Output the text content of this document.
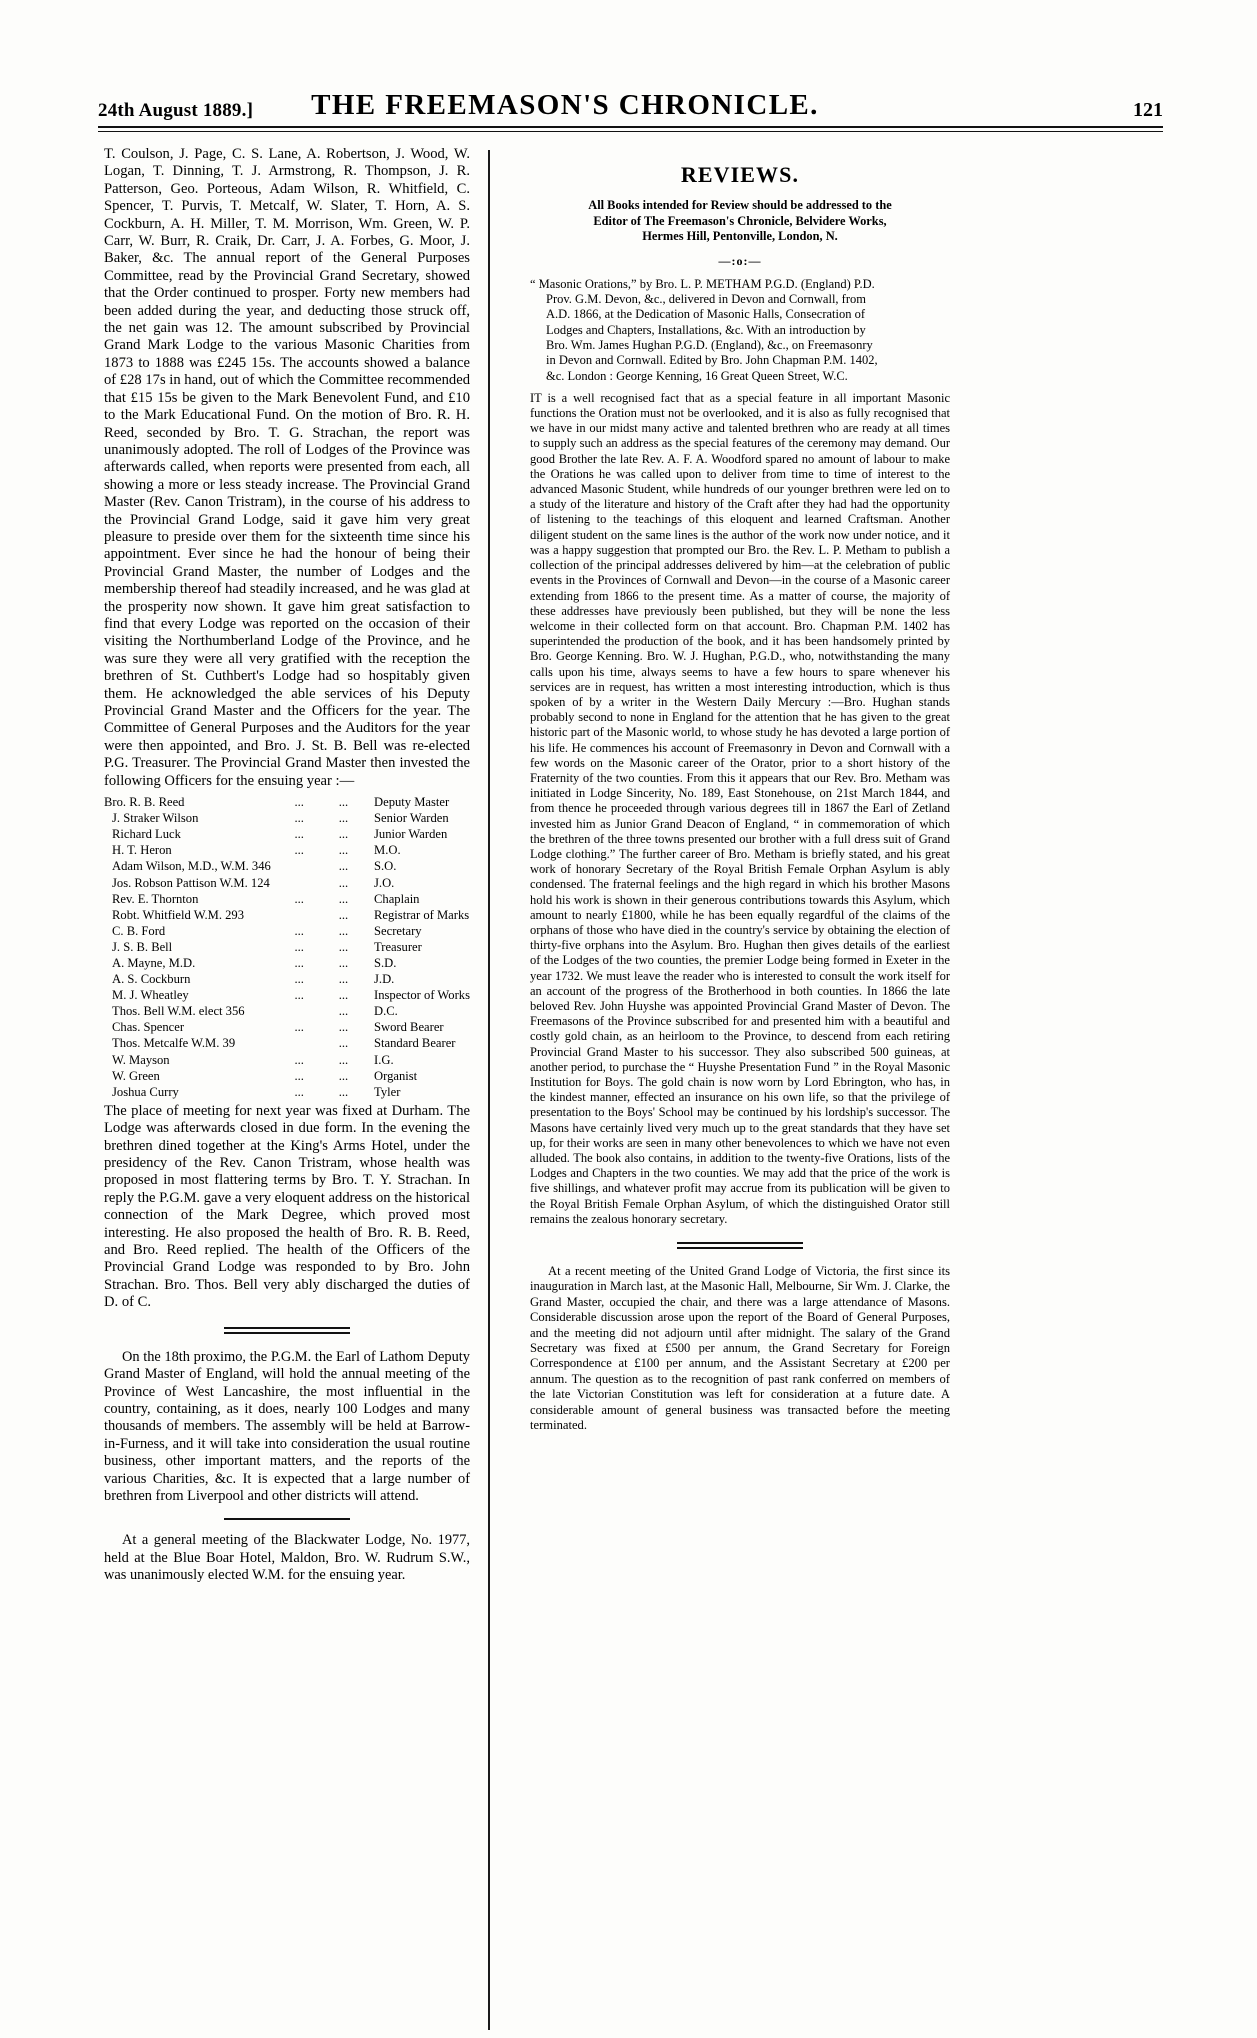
24th August 1889.] THE FREEMASON'S CHRONICLE.	121

T. Coulson, J. Page, C. S. Lane, A. Robertson, J. Wood, W. Logan, T. Dinning, T. J. Armstrong, R. Thompson, J. R. Patterson, Geo. Porteous, Adam Wilson, R. Whitfield, C. Spencer, T. Purvis, T. Metcalf, W. Slater, T. Horn, A. S. Cockburn, A. H. Miller, T. M. Morrison, Wm. Green, W. P. Carr, W. Burr, R. Craik, Dr. Carr, J. A. Forbes, G. Moor, J. Baker, &c. The annual report of the General Purposes Committee, read by the Provincial Grand Secretary, showed that the Order continued to prosper. Forty new members had been added during the year, and deducting those struck off, the net gain was 12. The amount subscribed by Provincial Grand Mark Lodge to the various Masonic Charities from 1873 to 1888 was £245 15s. The accounts showed a balance of £28 17s in hand, out of which the Committee recommended that £15 15s be given to the Mark Benevolent Fund, and £10 to the Mark Educational Fund. On the motion of Bro. R. H. Reed, seconded by Bro. T. G. Strachan, the report was unanimously adopted. The roll of Lodges of the Province was afterwards called, when reports were presented from each, all showing a more or less steady increase. The Provincial Grand Master (Rev. Canon Tristram), in the course of his address to the Provincial Grand Lodge, said it gave him very great pleasure to preside over them for the sixteenth time since his appointment. Ever since he had the honour of being their Provincial Grand Master, the number of Lodges and the membership thereof had steadily increased, and he was glad at the prosperity now shown. It gave him great satisfaction to find that every Lodge was reported on the occasion of their visiting the Northumberland Lodge of the Province, and he was sure they were all very gratified with the reception the brethren of St. Cuthbert's Lodge had so hospitably given them. He acknowledged the able services of his Deputy Provincial Grand Master and the Officers for the year. The Committee of General Purposes and the Auditors for the year were then appointed, and Bro. J. St. B. Bell was re-elected P.G. Treasurer. The Provincial Grand Master then invested the following Officers for the ensuing year :—

Bro. R. B. Reed	...	...	Deputy Master
J. Straker Wilson	...	...	Senior Warden
Richard Luck	...	...	Junior Warden
H. T. Heron	...	...	M.O.
Adam Wilson, M.D., W.M. 346		...	S.O.
Jos. Robson Pattison W.M. 124		...	J.O.
Rev. E. Thornton	...	...	Chaplain
Robt. Whitfield W.M. 293		...	Registrar of Marks
C. B. Ford	...	...	Secretary
J. S. B. Bell	...	...	Treasurer
A. Mayne, M.D.	...	...	S.D.
A. S. Cockburn	...	...	J.D.
M. J. Wheatley	...	...	Inspector of Works
Thos. Bell W.M. elect 356		...	D.C.
Chas. Spencer	...	...	Sword Bearer
Thos. Metcalfe W.M. 39		...	Standard Bearer
W. Mayson	...	...	I.G.
W. Green	...	...	Organist
Joshua Curry	...	...	Tyler

The place of meeting for next year was fixed at Durham. The Lodge was afterwards closed in due form. In the evening the brethren dined together at the King's Arms Hotel, under the presidency of the Rev. Canon Tristram, whose health was proposed in most flattering terms by Bro. T. Y. Strachan. In reply the P.G.M. gave a very eloquent address on the historical connection of the Mark Degree, which proved most interesting. He also proposed the health of Bro. R. B. Reed, and Bro. Reed replied. The health of the Officers of the Provincial Grand Lodge was responded to by Bro. John Strachan. Bro. Thos. Bell very ably discharged the duties of D. of C.

On the 18th proximo, the P.G.M. the Earl of Lathom Deputy Grand Master of England, will hold the annual meeting of the Province of West Lancashire, the most influential in the country, containing, as it does, nearly 100 Lodges and many thousands of members. The assembly will be held at Barrow-in-Furness, and it will take into consideration the usual routine business, other important matters, and the reports of the various Charities, &c. It is expected that a large number of brethren from Liverpool and other districts will attend.

At a general meeting of the Blackwater Lodge, No. 1977, held at the Blue Boar Hotel, Maldon, Bro. W. Rudrum S.W., was unanimously elected W.M. for the ensuing year.

REVIEWS.
All Books intended for Review should be addressed to the
Editor of The Freemason's Chronicle, Belvidere Works,
Hermes Hill, Pentonville, London, N.
—:o:—
“ Masonic Orations,” by Bro. L. P. METHAM P.G.D. (England) P.D.
Prov. G.M. Devon, &c., delivered in Devon and Cornwall, from
A.D. 1866, at the Dedication of Masonic Halls, Consecration of
Lodges and Chapters, Installations, &c. With an introduction by
Bro. Wm. James Hughan P.G.D. (England), &c., on Freemasonry
in Devon and Cornwall. Edited by Bro. John Chapman P.M. 1402,
&c. London : George Kenning, 16 Great Queen Street, W.C.

IT is a well recognised fact that as a special feature in all important Masonic functions the Oration must not be overlooked, and it is also as fully recognised that we have in our midst many active and talented brethren who are ready at all times to supply such an address as the special features of the ceremony may demand. Our good Brother the late Rev. A. F. A. Woodford spared no amount of labour to make the Orations he was called upon to deliver from time to time of interest to the advanced Masonic Student, while hundreds of our younger brethren were led on to a study of the literature and history of the Craft after they had had the opportunity of listening to the teachings of this eloquent and learned Craftsman. Another diligent student on the same lines is the author of the work now under notice, and it was a happy suggestion that prompted our Bro. the Rev. L. P. Metham to publish a collection of the principal addresses delivered by him—at the celebration of public events in the Provinces of Cornwall and Devon—in the course of a Masonic career extending from 1866 to the present time. As a matter of course, the majority of these addresses have previously been published, but they will be none the less welcome in their collected form on that account. Bro. Chapman P.M. 1402 has superintended the production of the book, and it has been handsomely printed by Bro. George Kenning. Bro. W. J. Hughan, P.G.D., who, notwithstanding the many calls upon his time, always seems to have a few hours to spare whenever his services are in request, has written a most interesting introduction, which is thus spoken of by a writer in the Western Daily Mercury :—Bro. Hughan stands probably second to none in England for the attention that he has given to the great historic part of the Masonic world, to whose study he has devoted a large portion of his life. He commences his account of Freemasonry in Devon and Cornwall with a few words on the Masonic career of the Orator, prior to a short history of the Fraternity of the two counties. From this it appears that our Rev. Bro. Metham was initiated in Lodge Sincerity, No. 189, East Stonehouse, on 21st March 1844, and from thence he proceeded through various degrees till in 1867 the Earl of Zetland invested him as Junior Grand Deacon of England, “ in commemoration of which the brethren of the three towns presented our brother with a full dress suit of Grand Lodge clothing.” The further career of Bro. Metham is briefly stated, and his great work of honorary Secretary of the Royal British Female Orphan Asylum is ably condensed. The fraternal feelings and the high regard in which his brother Masons hold his work is shown in their generous contributions towards this Asylum, which amount to nearly £1800, while he has been equally regardful of the claims of the orphans of those who have died in the country's service by obtaining the election of thirty-five orphans into the Asylum. Bro. Hughan then gives details of the earliest of the Lodges of the two counties, the premier Lodge being formed in Exeter in the year 1732. We must leave the reader who is interested to consult the work itself for an account of the progress of the Brotherhood in both counties. In 1866 the late beloved Rev. John Huyshe was appointed Provincial Grand Master of Devon. The Freemasons of the Province subscribed for and presented him with a beautiful and costly gold chain, as an heirloom to the Province, to descend from each retiring Provincial Grand Master to his successor. They also subscribed 500 guineas, at another period, to purchase the “ Huyshe Presentation Fund ” in the Royal Masonic Institution for Boys. The gold chain is now worn by Lord Ebrington, who has, in the kindest manner, effected an insurance on his own life, so that the privilege of presentation to the Boys' School may be continued by his lordship's successor. The Masons have certainly lived very much up to the great standards that they have set up, for their works are seen in many other benevolences to which we have not even alluded. The book also contains, in addition to the twenty-five Orations, lists of the Lodges and Chapters in the two counties. We may add that the price of the work is five shillings, and whatever profit may accrue from its publication will be given to the Royal British Female Orphan Asylum, of which the distinguished Orator still remains the zealous honorary secretary.

At a recent meeting of the United Grand Lodge of Victoria, the first since its inauguration in March last, at the Masonic Hall, Melbourne, Sir Wm. J. Clarke, the Grand Master, occupied the chair, and there was a large attendance of Masons. Considerable discussion arose upon the report of the Board of General Purposes, and the meeting did not adjourn until after midnight. The salary of the Grand Secretary was fixed at £500 per annum, the Grand Secretary for Foreign Correspondence at £100 per annum, and the Assistant Secretary at £200 per annum. The question as to the recognition of past rank conferred on members of the late Victorian Constitution was left for consideration at a future date. A considerable amount of general business was transacted before the meeting terminated.
